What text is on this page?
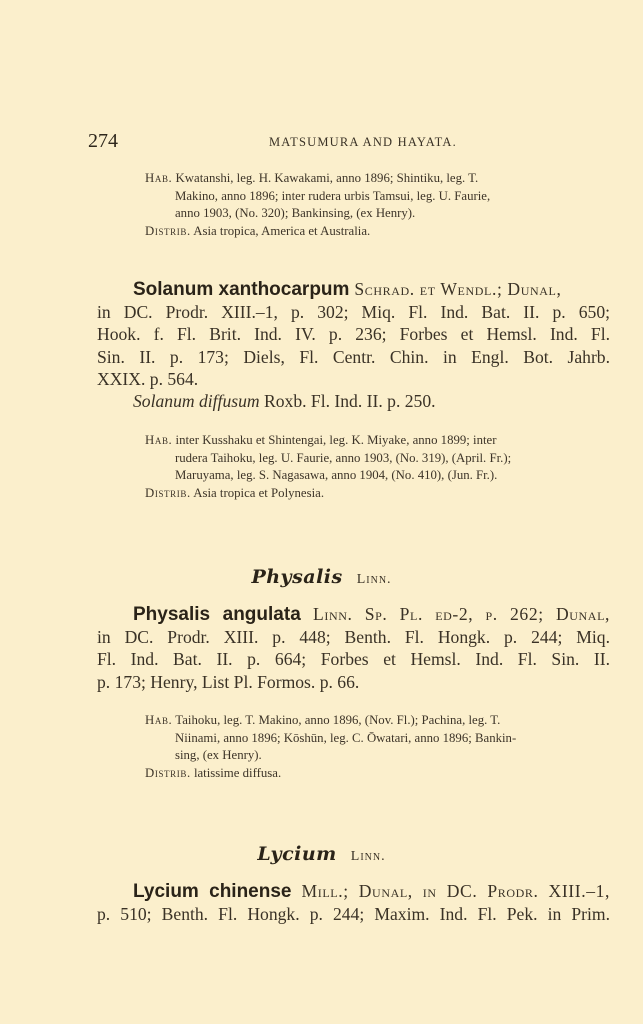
274	MATSUMURA AND HAYATA.
Hab. Kwatanshi, leg. H. Kawakami, anno 1896; Shintiku, leg. T.
Makino, anno 1896; inter rudera urbis Tamsui, leg. U. Faurie,
anno 1903, (No. 320); Bankinsing, (ex Henry).
Distrib. Asia tropica, America et Australia.
Solanum xanthocarpum Schrad. et Wendl.; Dunal,
in DC. Prodr. XIII.–1, p. 302; Miq. Fl. Ind. Bat. II. p. 650;
Hook. f. Fl. Brit. Ind. IV. p. 236; Forbes et Hemsl. Ind. Fl.
Sin. II. p. 173; Diels, Fl. Centr. Chin. in Engl. Bot. Jahrb.
XXIX. p. 564.
Solanum diffusum Roxb. Fl. Ind. II. p. 250.
Hab. inter Kusshaku et Shintengai, leg. K. Miyake, anno 1899; inter
rudera Taihoku, leg. U. Faurie, anno 1903, (No. 319), (April. Fr.);
Maruyama, leg. S. Nagasawa, anno 1904, (No. 410), (Jun. Fr.).
Distrib. Asia tropica et Polynesia.
Physalis Linn.
Physalis angulata Linn. Sp. Pl. ed-2, p. 262; Dunal,
in DC. Prodr. XIII. p. 448; Benth. Fl. Hongk. p. 244; Miq.
Fl. Ind. Bat. II. p. 664; Forbes et Hemsl. Ind. Fl. Sin. II.
p. 173; Henry, List Pl. Formos. p. 66.
Hab. Taihoku, leg. T. Makino, anno 1896, (Nov. Fl.); Pachina, leg. T.
Niinami, anno 1896; Kōshūn, leg. C. Ōwatari, anno 1896; Bankin-
sing, (ex Henry).
Distrib. latissime diffusa.
Lycium Linn.
Lycium chinense Mill.; Dunal, in DC. Prodr. XIII.–1,
p. 510; Benth. Fl. Hongk. p. 244; Maxim. Ind. Fl. Pek. in Prim.
